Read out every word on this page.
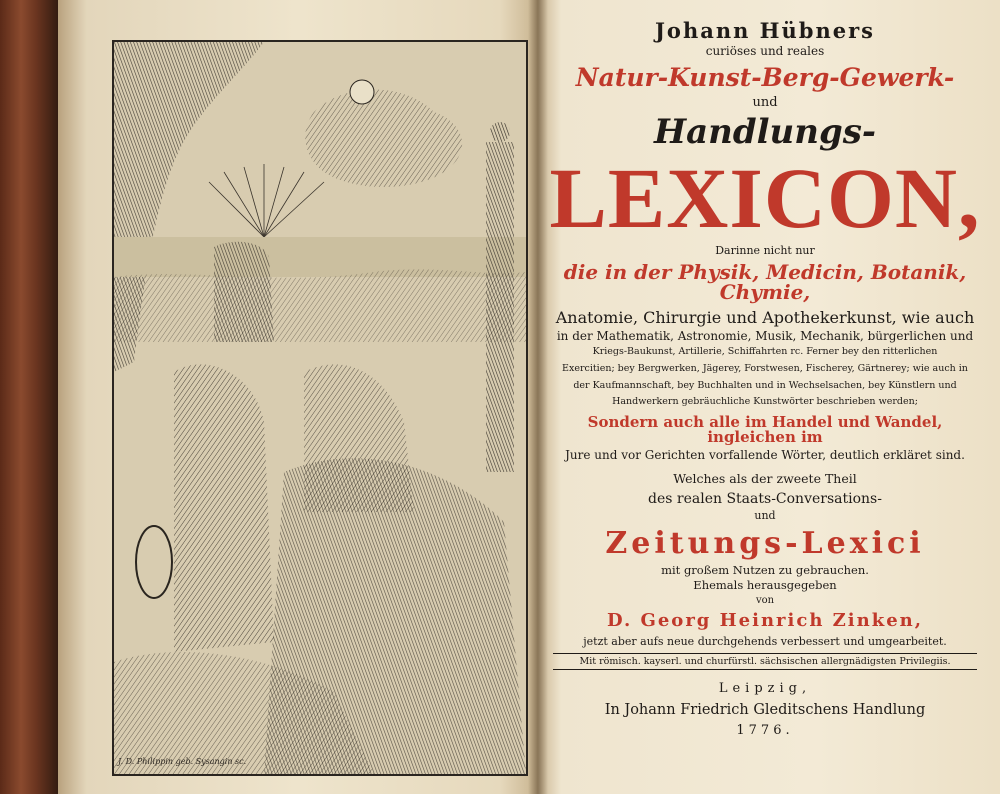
J. D. Philippin geb. Sysangin sc.

Johann Hübners

curiöses und reales

Natur-Kunst-Berg-Gewerk-

und

Handlungs-

LEXICON,

Darinne nicht nur

die in der Physik, Medicin, Botanik, Chymie,

Anatomie, Chirurgie und Apothekerkunst, wie auch

in der Mathematik, Astronomie, Musik, Mechanik, bürgerlichen und

Kriegs-Baukunst, Artillerie, Schiffahrten rc. Ferner bey den ritterlichen

Exercitien; bey Bergwerken, Jägerey, Forstwesen, Fischerey, Gärtnerey; wie auch in

der Kaufmannschaft, bey Buchhalten und in Wechselsachen, bey Künstlern und

Handwerkern gebräuchliche Kunstwörter beschrieben werden;

Sondern auch alle im Handel und Wandel, ingleichen im

Jure und vor Gerichten vorfallende Wörter, deutlich erkläret sind.

Welches als der zweete Theil

des realen Staats-Conversations-

und

Zeitungs-Lexici

mit großem Nutzen zu gebrauchen.

Ehemals herausgegeben

von

D. Georg Heinrich Zinken,

jetzt aber aufs neue durchgehends verbessert und umgearbeitet.

Mit römisch. kayserl. und churfürstl. sächsischen allergnädigsten Privilegiis.

Leipzig,

In Johann Friedrich Gleditschens Handlung

1776.
